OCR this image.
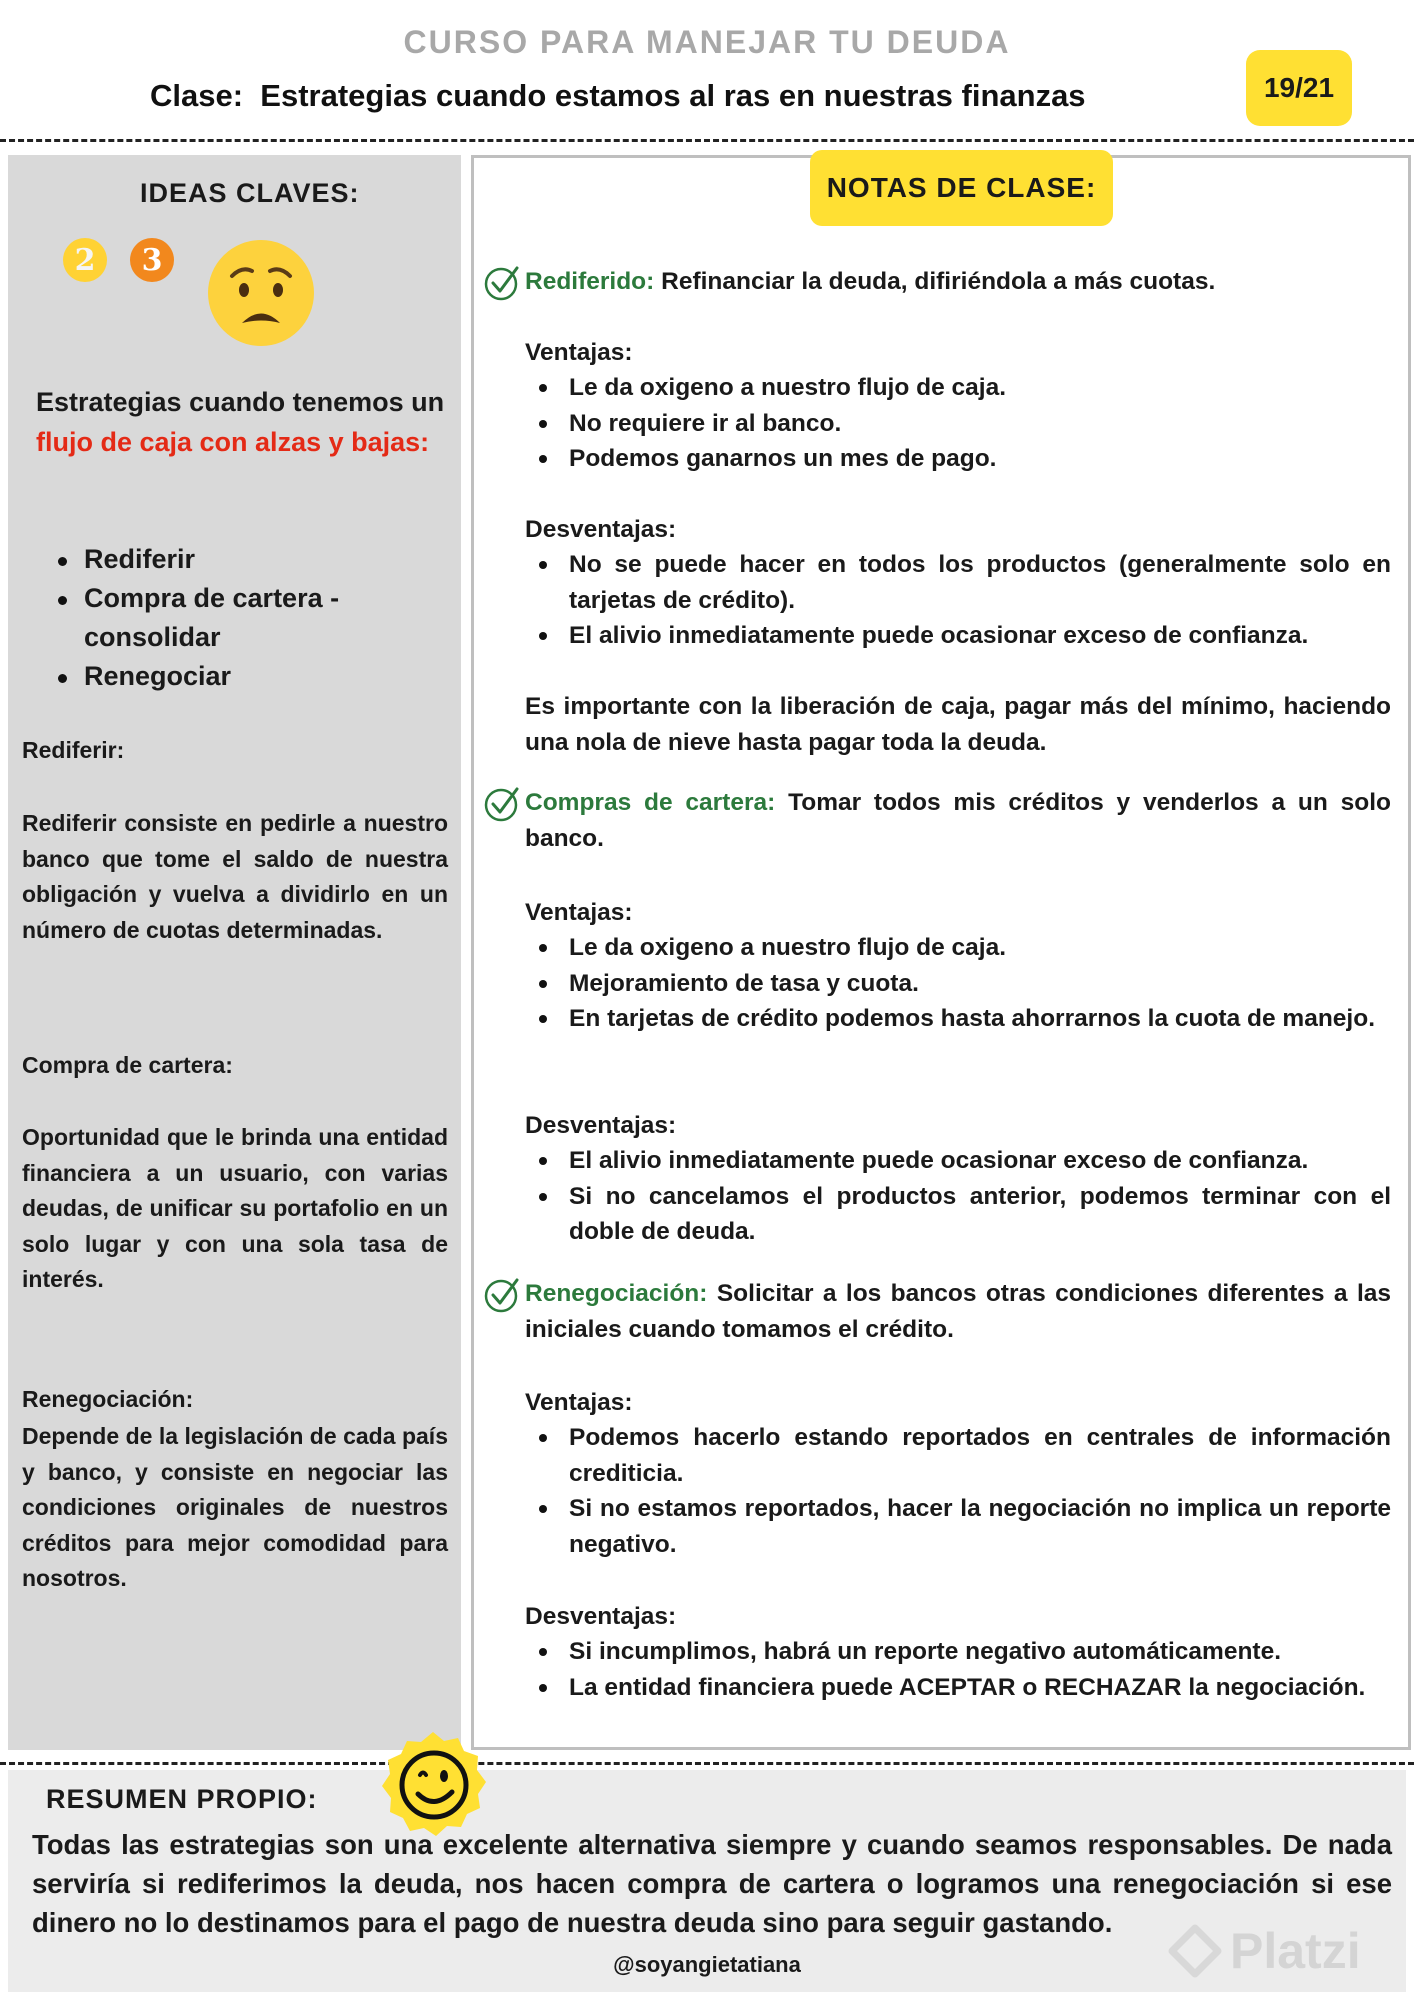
CURSO PARA MANEJAR TU DEUDA
Clase: Estrategias cuando estamos al ras en nuestras finanzas	19/21
IDEAS CLAVES:
2	3
Estrategias cuando tenemos un flujo de caja con alzas y bajas:
Rediferir
Compra de cartera - consolidar
Renegociar
Rediferir:
Rediferir consiste en pedirle a nuestro banco que tome el saldo de nuestra obligación y vuelva a dividirlo en un número de cuotas determinadas.
Compra de cartera:
Oportunidad que le brinda una entidad financiera a un usuario, con varias deudas, de unificar su portafolio en un solo lugar y con una sola tasa de interés.
Renegociación:
Depende de la legislación de cada país y banco, y consiste en negociar las condiciones originales de nuestros créditos para mejor comodidad para nosotros.
NOTAS DE CLASE:
Rediferido: Refinanciar la deuda, difiriéndola a más cuotas.
Ventajas:
Le da oxigeno a nuestro flujo de caja.
No requiere ir al banco.
Podemos ganarnos un mes de pago.
Desventajas:
No se puede hacer en todos los productos (generalmente solo en tarjetas de crédito).
El alivio inmediatamente puede ocasionar exceso de confianza.
Es importante con la liberación de caja, pagar más del mínimo, haciendo una nola de nieve hasta pagar toda la deuda.
Compras de cartera: Tomar todos mis créditos y venderlos a un solo banco.
Ventajas:
Le da oxigeno a nuestro flujo de caja.
Mejoramiento de tasa y cuota.
En tarjetas de crédito podemos hasta ahorrarnos la cuota de manejo.
Desventajas:
El alivio inmediatamente puede ocasionar exceso de confianza.
Si no cancelamos el productos anterior, podemos terminar con el doble de deuda.
Renegociación: Solicitar a los bancos otras condiciones diferentes a las iniciales cuando tomamos el crédito.
Ventajas:
Podemos hacerlo estando reportados en centrales de información crediticia.
Si no estamos reportados, hacer la negociación no implica un reporte negativo.
Desventajas:
Si incumplimos, habrá un reporte negativo automáticamente.
La entidad financiera puede ACEPTAR o RECHAZAR la negociación.
RESUMEN PROPIO:
Todas las estrategias son una excelente alternativa siempre y cuando seamos responsables. De nada serviría si rediferimos la deuda, nos hacen compra de cartera o logramos una renegociación si ese dinero no lo destinamos para el pago de nuestra deuda sino para seguir gastando.
@soyangietatiana	Platzi
